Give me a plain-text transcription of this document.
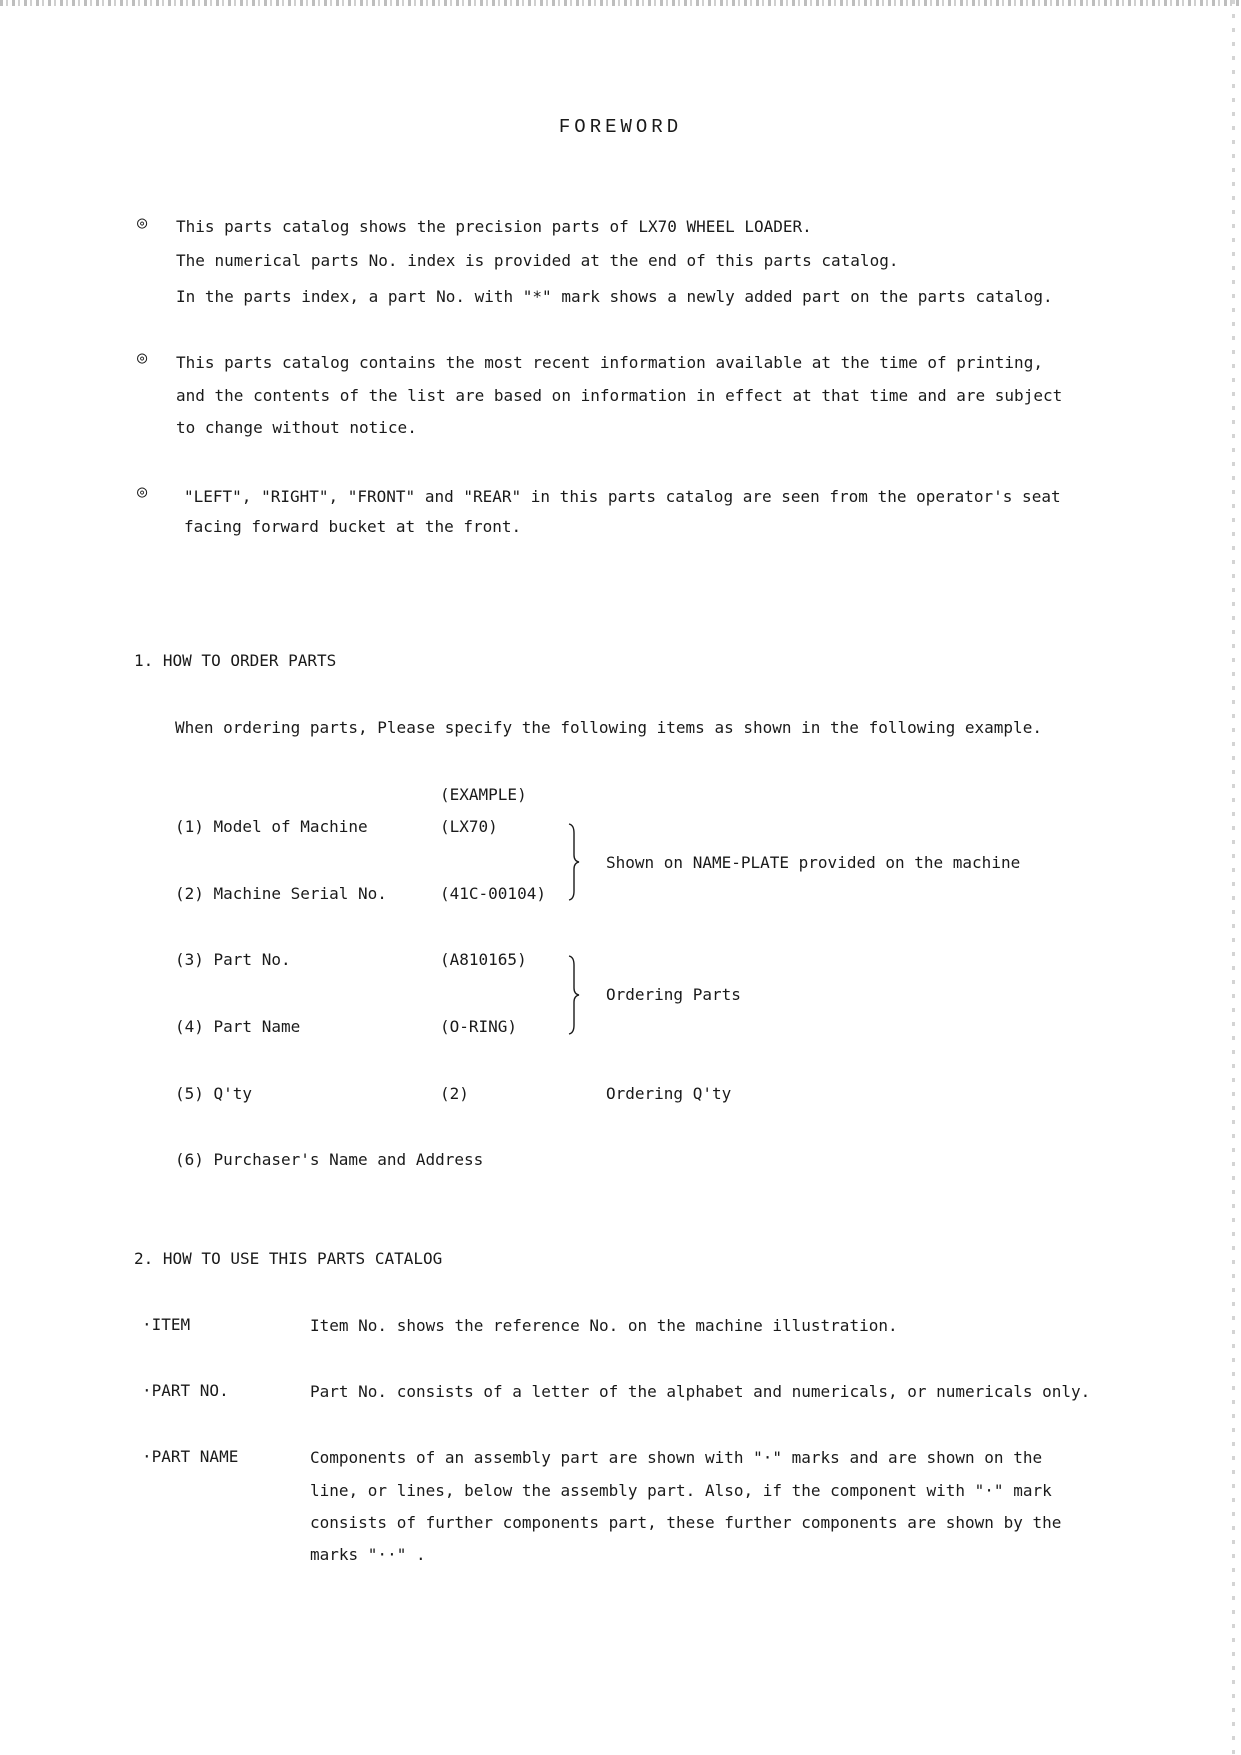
FOREWORD
◎ This parts catalog shows the precision parts of LX70 WHEEL LOADER.
The numerical parts No. index is provided at the end of this parts catalog.
In the parts index, a part No. with "*" mark shows a newly added part on the parts catalog.
◎ This parts catalog contains the most recent information available at the time of printing,
and the contents of the list are based on information in effect at that time and are subject
to change without notice.
◎ "LEFT", "RIGHT", "FRONT" and "REAR" in this parts catalog are seen from the operator's seat
facing forward bucket at the front.
1. HOW TO ORDER PARTS
When ordering parts, Please specify the following items as shown in the following example.
(EXAMPLE)
(1) Model of Machine	(LX70)
(2) Machine Serial No.	(41C-00104)
Shown on NAME-PLATE provided on the machine
(3) Part No.	(A810165)
(4) Part Name	(O-RING)
Ordering Parts
(5) Q'ty	(2)	Ordering Q'ty
(6) Purchaser's Name and Address
2. HOW TO USE THIS PARTS CATALOG
·ITEM	Item No. shows the reference No. on the machine illustration.
·PART NO.	Part No. consists of a letter of the alphabet and numericals, or numericals only.
·PART NAME	Components of an assembly part are shown with "·" marks and are shown on the
line, or lines, below the assembly part. Also, if the component with "·" mark
consists of further components part, these further components are shown by the
marks "··" .
